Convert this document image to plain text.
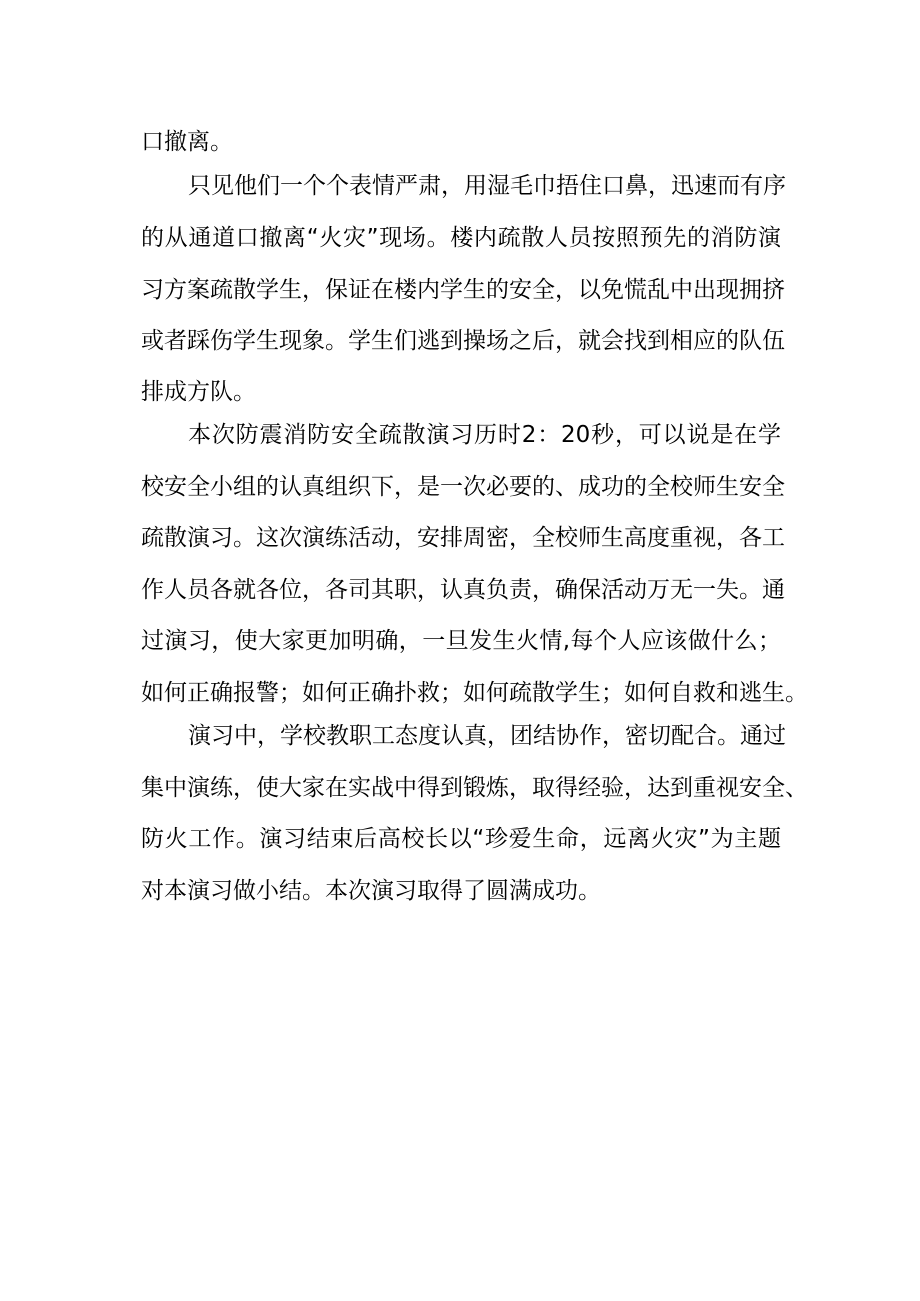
口撤离。
只见他们一个个表情严肃，用湿毛巾捂住口鼻，迅速而有序
的从通道口撤离“火灾”现场。楼内疏散人员按照预先的消防演
习方案疏散学生，保证在楼内学生的安全，以免慌乱中出现拥挤
或者踩伤学生现象。学生们逃到操场之后，就会找到相应的队伍
排成方队。
本次防震消防安全疏散演习历时2：20秒，可以说是在学
校安全小组的认真组织下，是一次必要的、成功的全校师生安全
疏散演习。这次演练活动，安排周密，全校师生高度重视，各工
作人员各就各位，各司其职，认真负责，确保活动万无一失。通
过演习，使大家更加明确，一旦发生火情,每个人应该做什么；
如何正确报警；如何正确扑救；如何疏散学生；如何自救和逃生。
演习中，学校教职工态度认真，团结协作，密切配合。通过
集中演练，使大家在实战中得到锻炼，取得经验，达到重视安全、
防火工作。演习结束后高校长以“珍爱生命，远离火灾”为主题
对本演习做小结。本次演习取得了圆满成功。
